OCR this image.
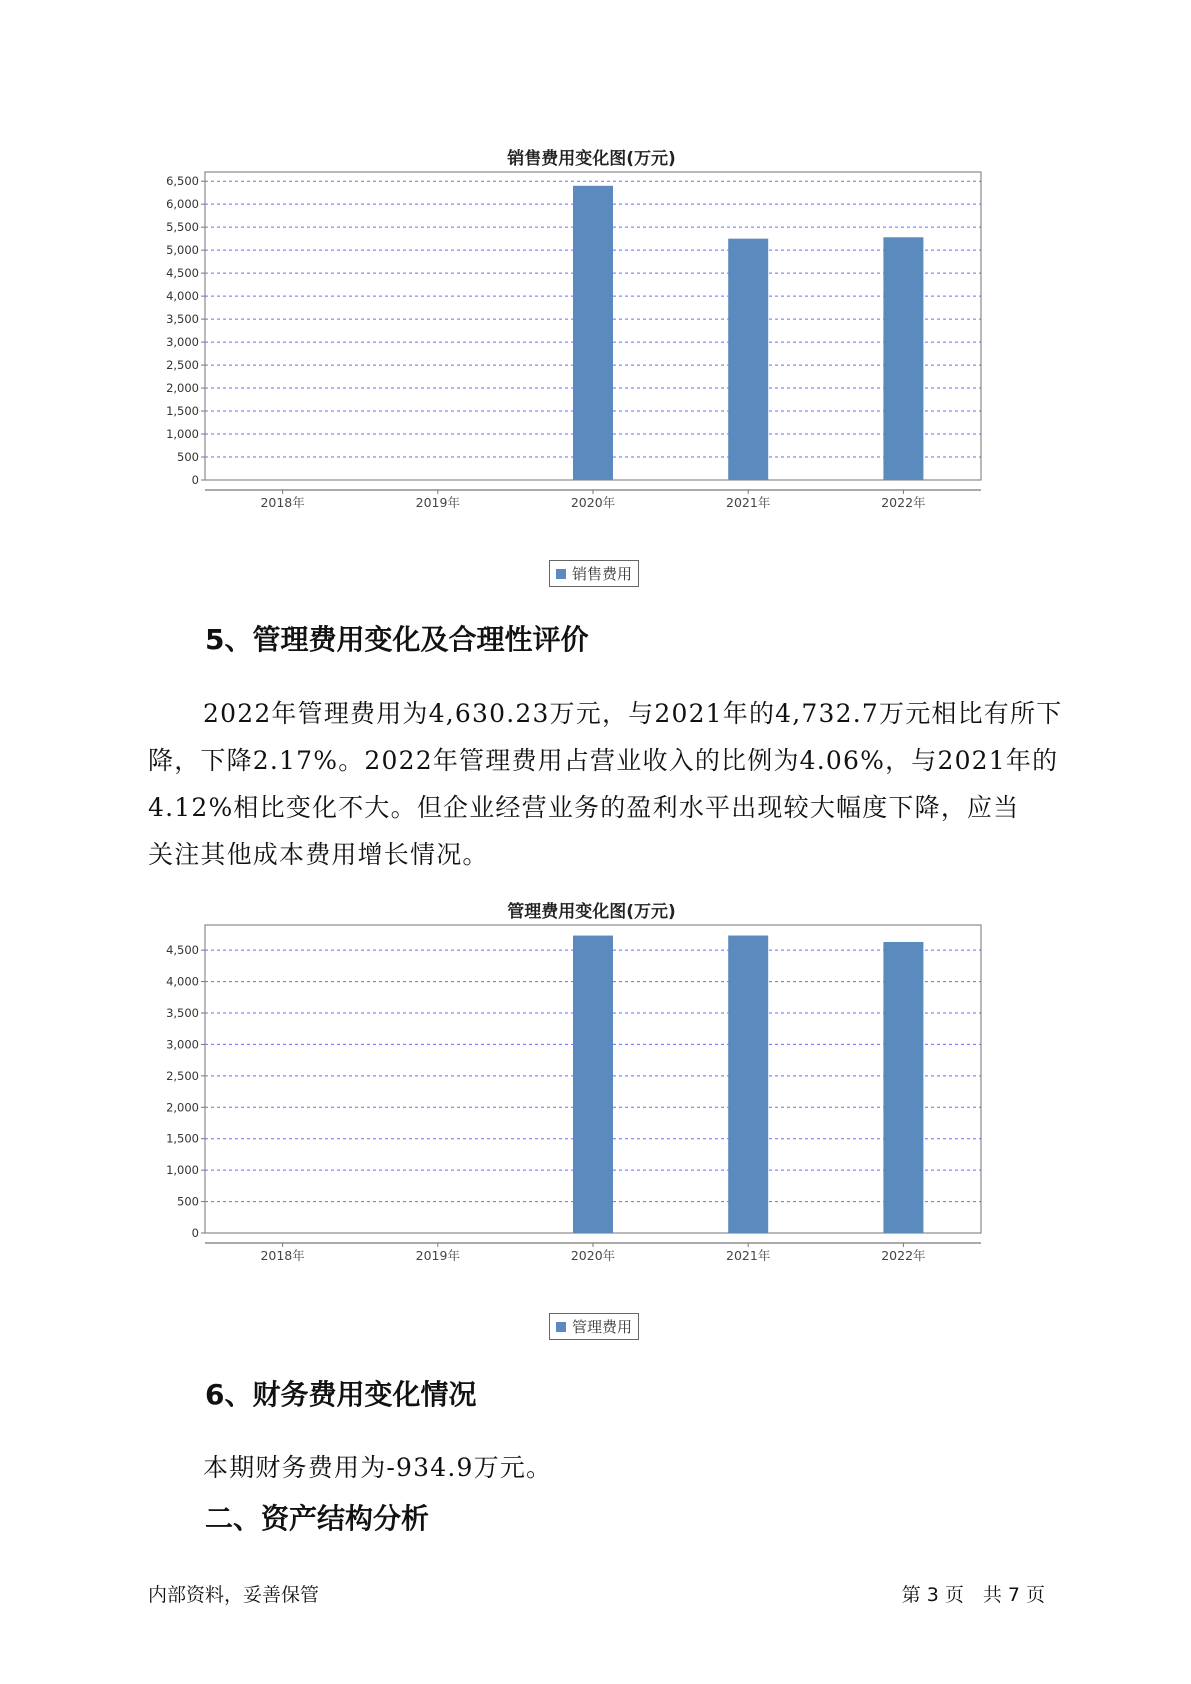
销售费用变化图(万元)
0
500
1,000
1,500
2,000
2,500
3,000
3,500
4,000
4,500
5,000
5,500
6,000
6,500
2018年	2019年	2020年	2021年	2022年
销售费用
5、管理费用变化及合理性评价
2022年管理费用为4,630.23万元，与2021年的4,732.7万元相比有所下
降，下降2.17%。2022年管理费用占营业收入的比例为4.06%，与2021年的
4.12%相比变化不大。但企业经营业务的盈利水平出现较大幅度下降，应当
关注其他成本费用增长情况。
管理费用变化图(万元)
0
500
1,000
1,500
2,000
2,500
3,000
3,500
4,000
4,500
2018年	2019年	2020年	2021年	2022年
管理费用
6、财务费用变化情况
本期财务费用为-934.9万元。
二、资产结构分析
内部资料，妥善保管	第 3 页　共 7 页
